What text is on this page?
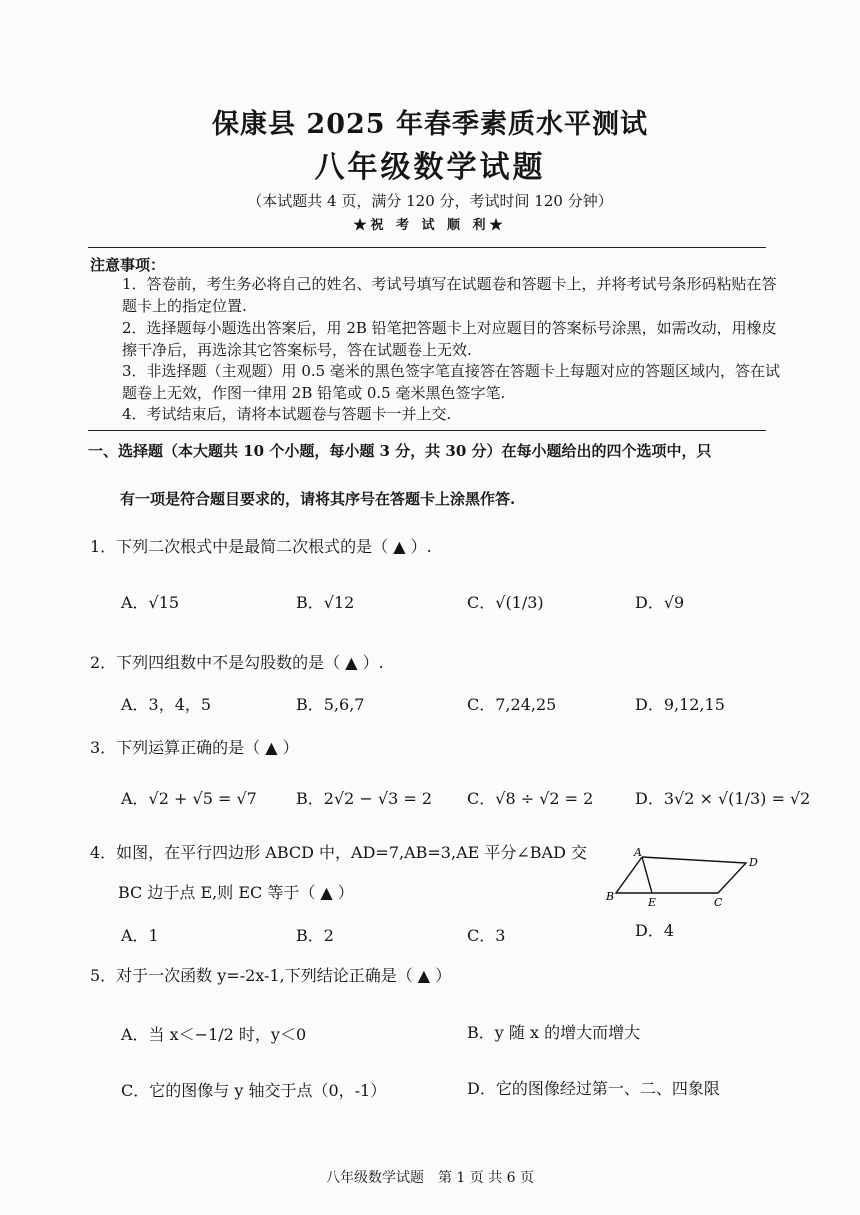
保康县 2025 年春季素质水平测试
八年级数学试题
（本试题共 4 页，满分 120 分，考试时间 120 分钟）
★祝 考 试 顺 利★
注意事项：
1．答卷前，考生务必将自己的姓名、考试号填写在试题卷和答题卡上，并将考试号条形码粘贴在答题卡上的指定位置.
2．选择题每小题选出答案后，用 2B 铅笔把答题卡上对应题目的答案标号涂黑，如需改动，用橡皮擦干净后，再选涂其它答案标号，答在试题卷上无效.
3．非选择题（主观题）用 0.5 毫米的黑色签字笔直接答在答题卡上每题对应的答题区域内，答在试题卷上无效，作图一律用 2B 铅笔或 0.5 毫米黑色签字笔.
4．考试结束后，请将本试题卷与答题卡一并上交.
一、选择题（本大题共 10 个小题，每小题 3 分，共 30 分）在每小题给出的四个选项中，只
有一项是符合题目要求的，请将其序号在答题卡上涂黑作答.
1．下列二次根式中是最简二次根式的是（ ▲ ）.
A．√15	B．√12	C．√(1/3)	D．√9
2．下列四组数中不是勾股数的是（ ▲ ）.
A．3，4，5	B．5,6,7	C．7,24,25	D．9,12,15
3．下列运算正确的是（ ▲ ）
A．√2 + √5 = √7 B．2√2 − √3 = 2 C．√8 ÷ √2 = 2	D．3√2 × √(1/3) = √2
4．如图，在平行四边形 ABCD 中，AD=7,AB=3,AE 平分∠BAD 交
BC 边于点 E,则 EC 等于（ ▲ ）
A
D
B	E	C
A．1	B．2	C．3	D．4
5．对于一次函数 y=-2x-1,下列结论正确是（ ▲ ）
A．当 x＜−1/2 时，y＜0	B．y 随 x 的增大而增大
C．它的图像与 y 轴交于点（0，-1）	D．它的图像经过第一、二、四象限
八年级数学试题　第 1 页 共 6 页
